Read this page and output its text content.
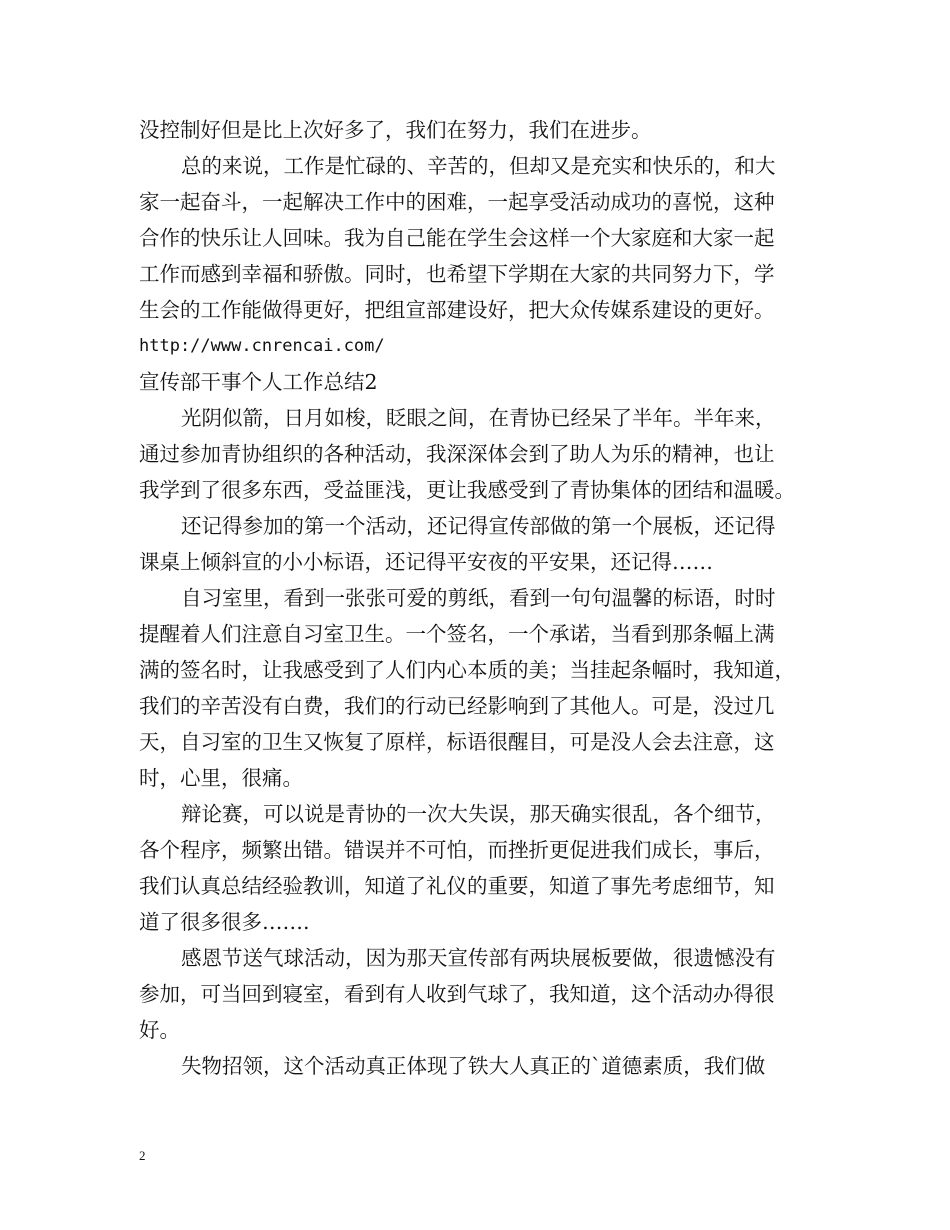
没控制好但是比上次好多了，我们在努力，我们在进步。
总的来说，工作是忙碌的、辛苦的，但却又是充实和快乐的，和大
家一起奋斗，一起解决工作中的困难，一起享受活动成功的喜悦，这种
合作的快乐让人回味。我为自己能在学生会这样一个大家庭和大家一起
工作而感到幸福和骄傲。同时，也希望下学期在大家的共同努力下，学
生会的工作能做得更好，把组宣部建设好，把大众传媒系建设的更好。
http://www.cnrencai.com/
宣传部干事个人工作总结2
光阴似箭，日月如梭，眨眼之间，在青协已经呆了半年。半年来，
通过参加青协组织的各种活动，我深深体会到了助人为乐的精神，也让
我学到了很多东西，受益匪浅，更让我感受到了青协集体的团结和温暖。
还记得参加的第一个活动，还记得宣传部做的第一个展板，还记得
课桌上倾斜宣的小小标语，还记得平安夜的平安果，还记得……
自习室里，看到一张张可爱的剪纸，看到一句句温馨的标语，时时
提醒着人们注意自习室卫生。一个签名，一个承诺，当看到那条幅上满
满的签名时，让我感受到了人们内心本质的美；当挂起条幅时，我知道，
我们的辛苦没有白费，我们的行动已经影响到了其他人。可是，没过几
天，自习室的卫生又恢复了原样，标语很醒目，可是没人会去注意，这
时，心里，很痛。
辩论赛，可以说是青协的一次大失误，那天确实很乱，各个细节，
各个程序，频繁出错。错误并不可怕，而挫折更促进我们成长，事后，
我们认真总结经验教训，知道了礼仪的重要，知道了事先考虑细节，知
道了很多很多…….
感恩节送气球活动，因为那天宣传部有两块展板要做，很遗憾没有
参加，可当回到寝室，看到有人收到气球了，我知道，这个活动办得很
好。
失物招领，这个活动真正体现了铁大人真正的`道德素质，我们做
2
